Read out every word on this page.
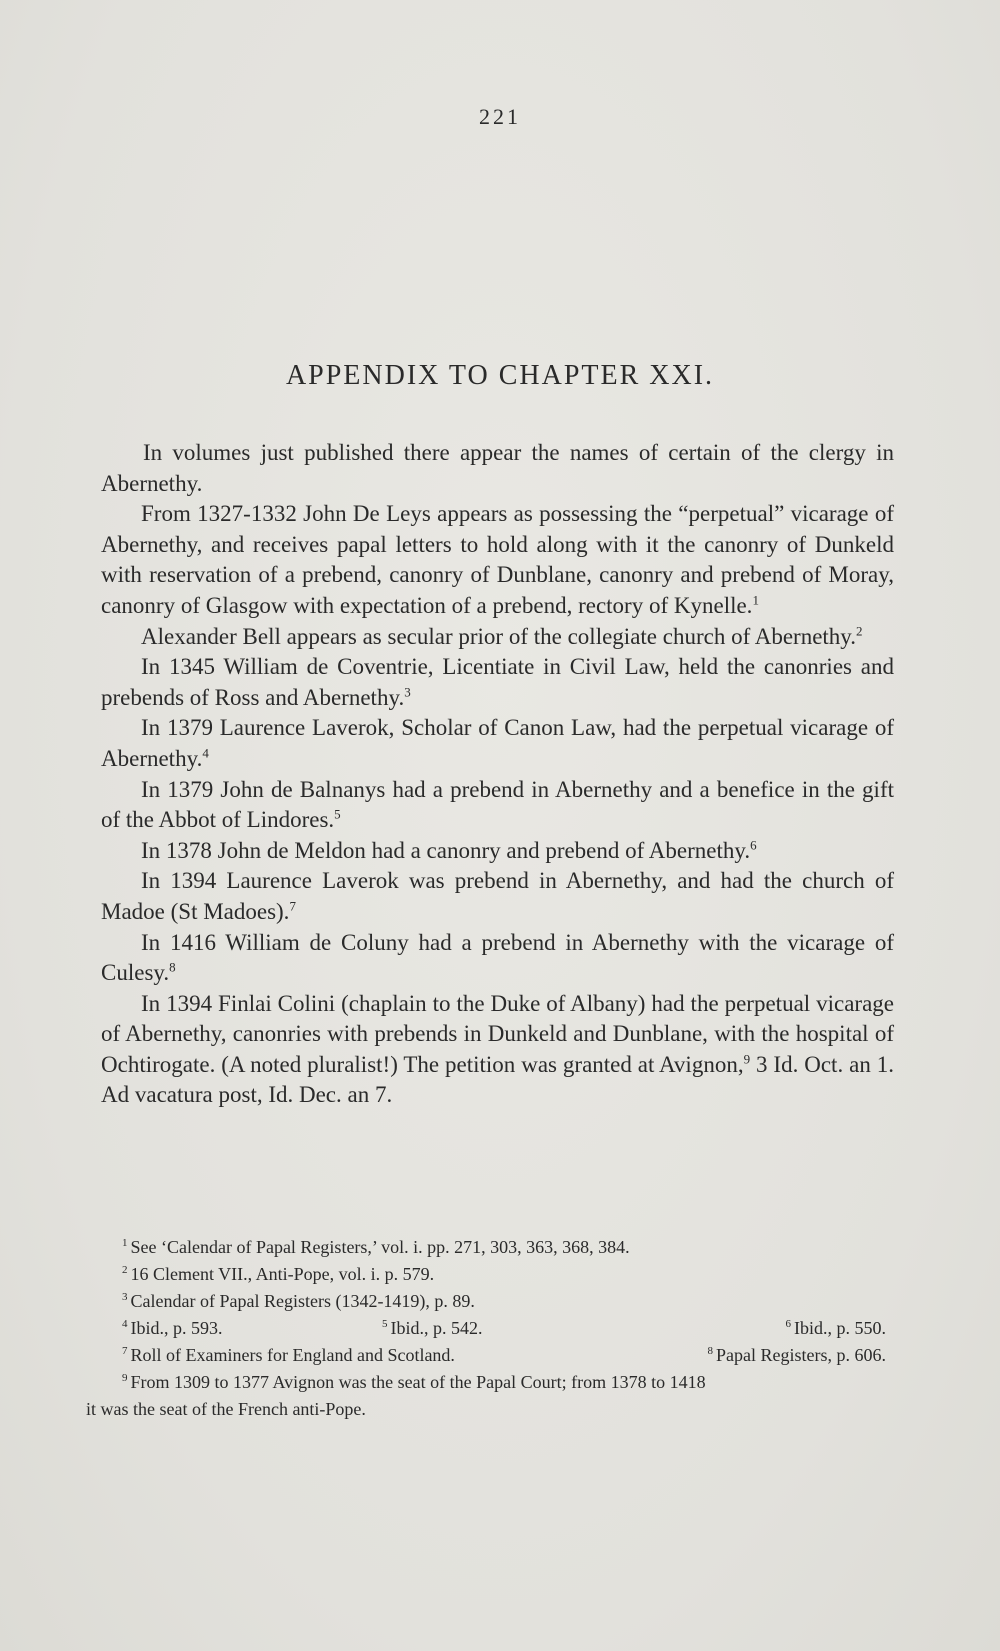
221
APPENDIX TO CHAPTER XXI.

In volumes just published there appear the names of certain of the clergy in Abernethy.

From 1327-1332 John De Leys appears as possessing the “perpetual” vicarage of Abernethy, and receives papal letters to hold along with it the canonry of Dunkeld with reservation of a prebend, canonry of Dunblane, canonry and prebend of Moray, canonry of Glasgow with expectation of a prebend, rectory of Kynelle.$^1$

Alexander Bell appears as secular prior of the collegiate church of Abernethy.$^2$

In 1345 William de Coventrie, Licentiate in Civil Law, held the canonries and prebends of Ross and Abernethy.$^3$

In 1379 Laurence Laverok, Scholar of Canon Law, had the perpetual vicarage of Abernethy.$^4$

In 1379 John de Balnanys had a prebend in Abernethy and a benefice in the gift of the Abbot of Lindores.$^5$

In 1378 John de Meldon had a canonry and prebend of Abernethy.$^6$

In 1394 Laurence Laverok was prebend in Abernethy, and had the church of Madoe (St Madoes).$^7$

In 1416 William de Coluny had a prebend in Abernethy with the vicarage of Culesy.$^8$

In 1394 Finlai Colini (chaplain to the Duke of Albany) had the perpetual vicarage of Abernethy, canonries with prebends in Dunkeld and Dunblane, with the hospital of Ochtirogate. (A noted pluralist!) The petition was granted at Avignon,$^9$ 3 Id. Oct. an 1. Ad vacatura post, Id. Dec. an 7.

$^1$ See ‘Calendar of Papal Registers,’ vol. i. pp. 271, 303, 363, 368, 384.
$^2$ 16 Clement VII., Anti-Pope, vol. i. p. 579.
$^3$ Calendar of Papal Registers (1342-1419), p. 89.
$^4$ Ibid., p. 593.	$^5$ Ibid., p. 542.	$^6$ Ibid., p. 550.
$^7$ Roll of Examiners for England and Scotland.	$^8$ Papal Registers, p. 606.
$^9$ From 1309 to 1377 Avignon was the seat of the Papal Court; from 1378 to 1418
it was the seat of the French anti-Pope.
